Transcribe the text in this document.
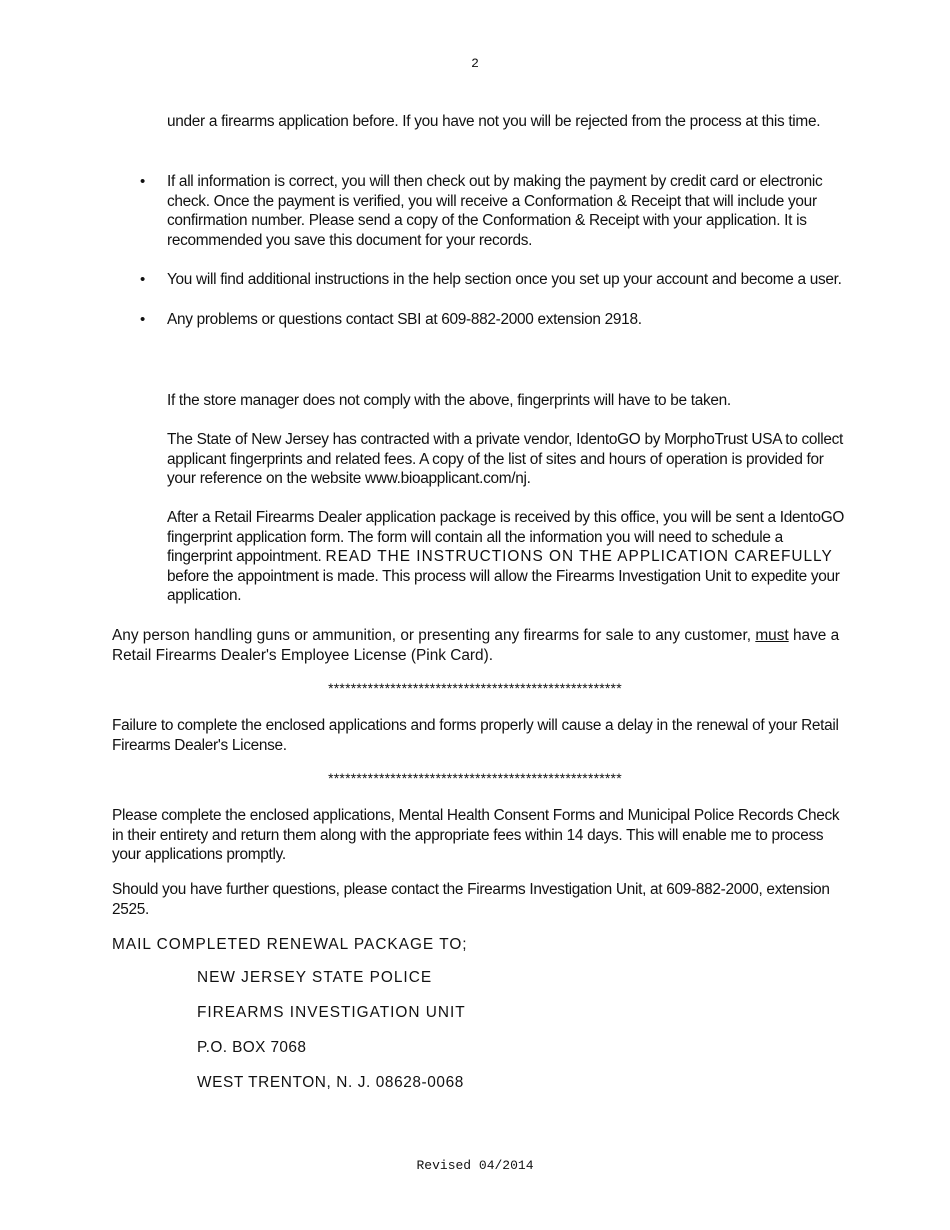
2

under a firearms application before. If you have not you will be rejected from the process at this time.

• If all information is correct, you will then check out by making the payment by credit card or electronic check. Once the payment is verified, you will receive a Conformation & Receipt that will include your confirmation number. Please send a copy of the Conformation & Receipt with your application. It is recommended you save this document for your records.
• You will find additional instructions in the help section once you set up your account and become a user.
• Any problems or questions contact SBI at 609-882-2000 extension 2918.

If the store manager does not comply with the above, fingerprints will have to be taken.

The State of New Jersey has contracted with a private vendor, IdentoGO by MorphoTrust USA to collect applicant fingerprints and related fees. A copy of the list of sites and hours of operation is provided for your reference on the website www.bioapplicant.com/nj.

After a Retail Firearms Dealer application package is received by this office, you will be sent a IdentoGO fingerprint application form. The form will contain all the information you will need to schedule a fingerprint appointment. READ THE INSTRUCTIONS ON THE APPLICATION CAREFULLY before the appointment is made. This process will allow the Firearms Investigation Unit to expedite your application.

Any person handling guns or ammunition, or presenting any firearms for sale to any customer, must have a Retail Firearms Dealer's Employee License (Pink Card).

****************************************************

Failure to complete the enclosed applications and forms properly will cause a delay in the renewal of your Retail Firearms Dealer's License.

****************************************************

Please complete the enclosed applications, Mental Health Consent Forms and Municipal Police Records Check in their entirety and return them along with the appropriate fees within 14 days. This will enable me to process your applications promptly.

Should you have further questions, please contact the Firearms Investigation Unit, at 609-882-2000, extension 2525.

MAIL COMPLETED RENEWAL PACKAGE TO;

NEW JERSEY STATE POLICE
FIREARMS INVESTIGATION UNIT
P.O. BOX 7068
WEST TRENTON, N. J. 08628-0068
Revised 04/2014
